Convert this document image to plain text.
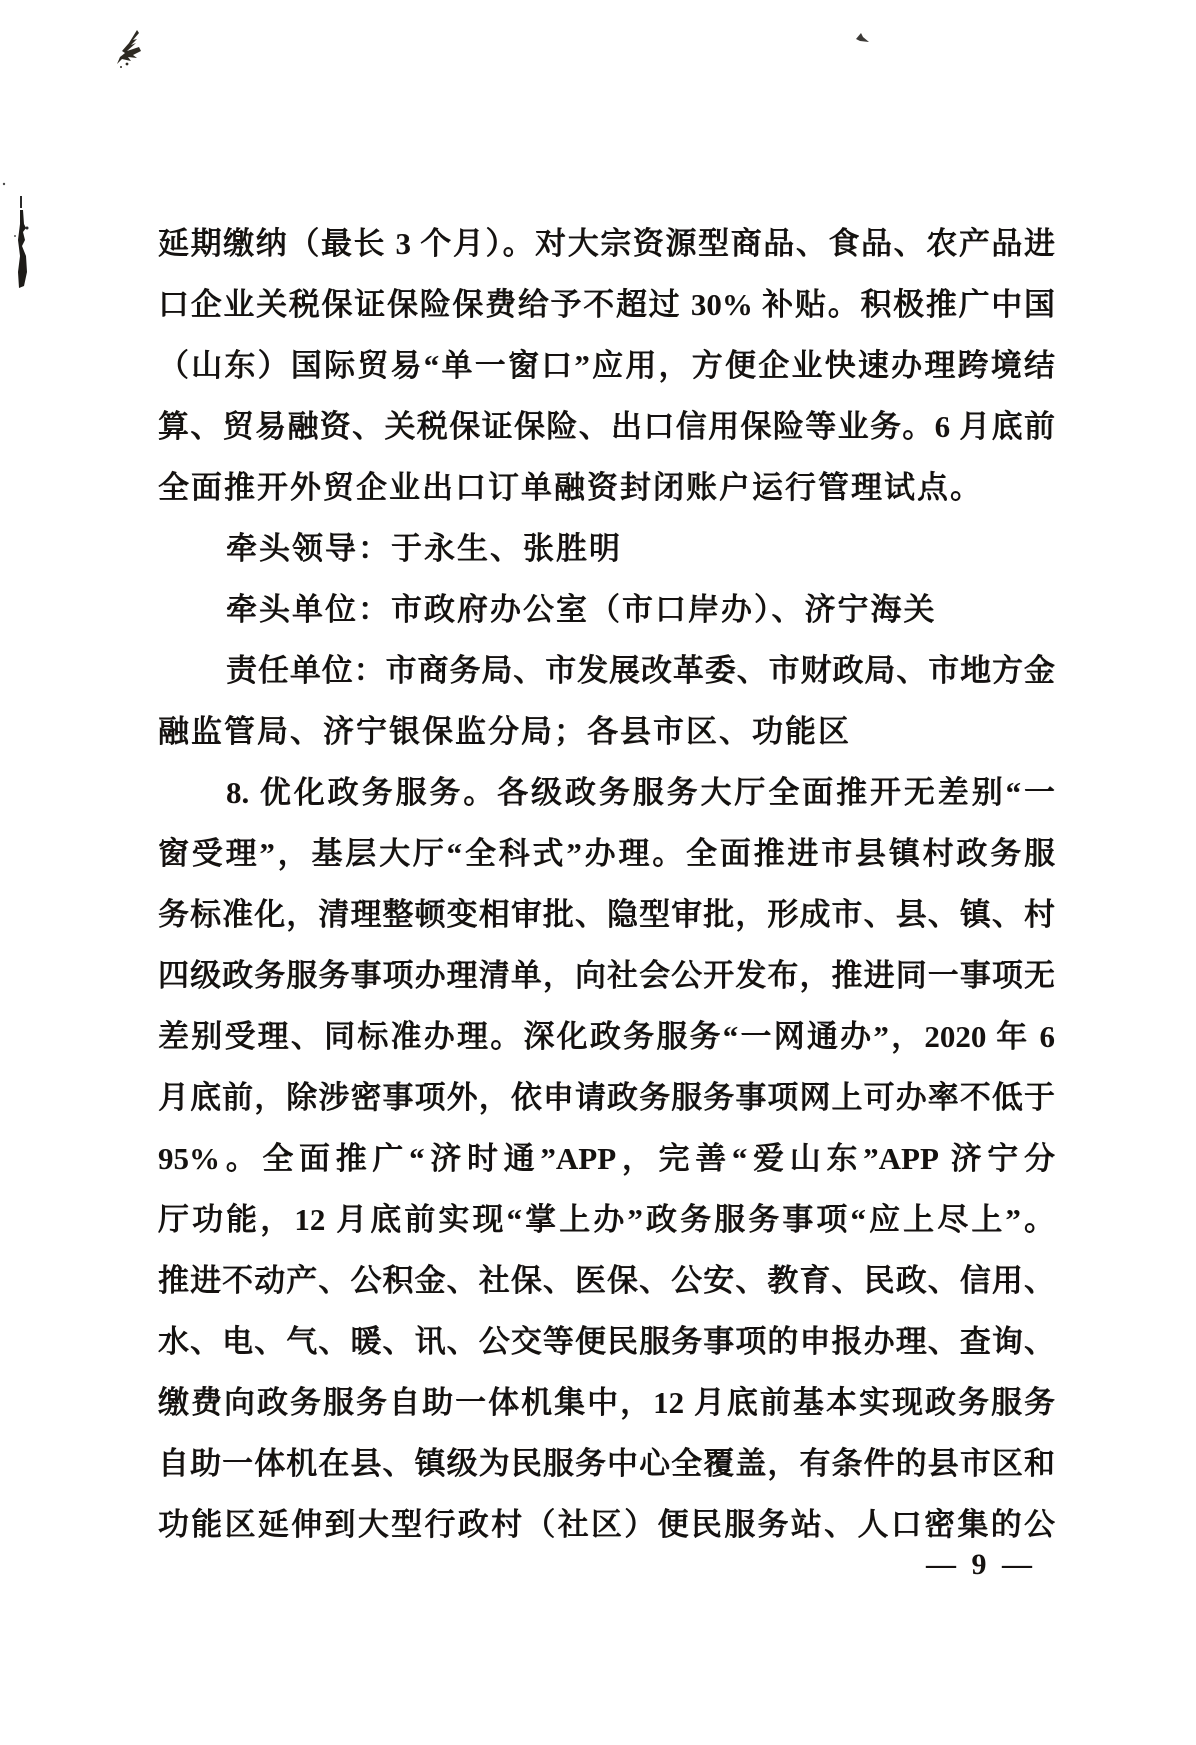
延期缴纳（最长 3 个月）。对大宗资源型商品、食品、农产品进
口企业关税保证保险保费给予不超过 30% 补贴。积极推广中国
（山东）国际贸易“单一窗口”应用，方便企业快速办理跨境结
算、贸易融资、关税保证保险、出口信用保险等业务。6 月底前
全面推开外贸企业出口订单融资封闭账户运行管理试点。
牵头领导：于永生、张胜明
牵头单位：市政府办公室（市口岸办）、济宁海关
责任单位：市商务局、市发展改革委、市财政局、市地方金
融监管局、济宁银保监分局；各县市区、功能区
8. 优化政务服务。各级政务服务大厅全面推开无差别“一
窗受理”，基层大厅“全科式”办理。全面推进市县镇村政务服
务标准化，清理整顿变相审批、隐型审批，形成市、县、镇、村
四级政务服务事项办理清单，向社会公开发布，推进同一事项无
差别受理、同标准办理。深化政务服务“一网通办”，2020 年 6
月底前，除涉密事项外，依申请政务服务事项网上可办率不低于
95%。全面推广“济时通”APP，完善“爱山东”APP 济宁分
厅功能，12 月底前实现“掌上办”政务服务事项“应上尽上”。
推进不动产、公积金、社保、医保、公安、教育、民政、信用、
水、电、气、暖、讯、公交等便民服务事项的申报办理、查询、
缴费向政务服务自助一体机集中，12 月底前基本实现政务服务
自助一体机在县、镇级为民服务中心全覆盖，有条件的县市区和
功能区延伸到大型行政村（社区）便民服务站、人口密集的公
— 9 —
